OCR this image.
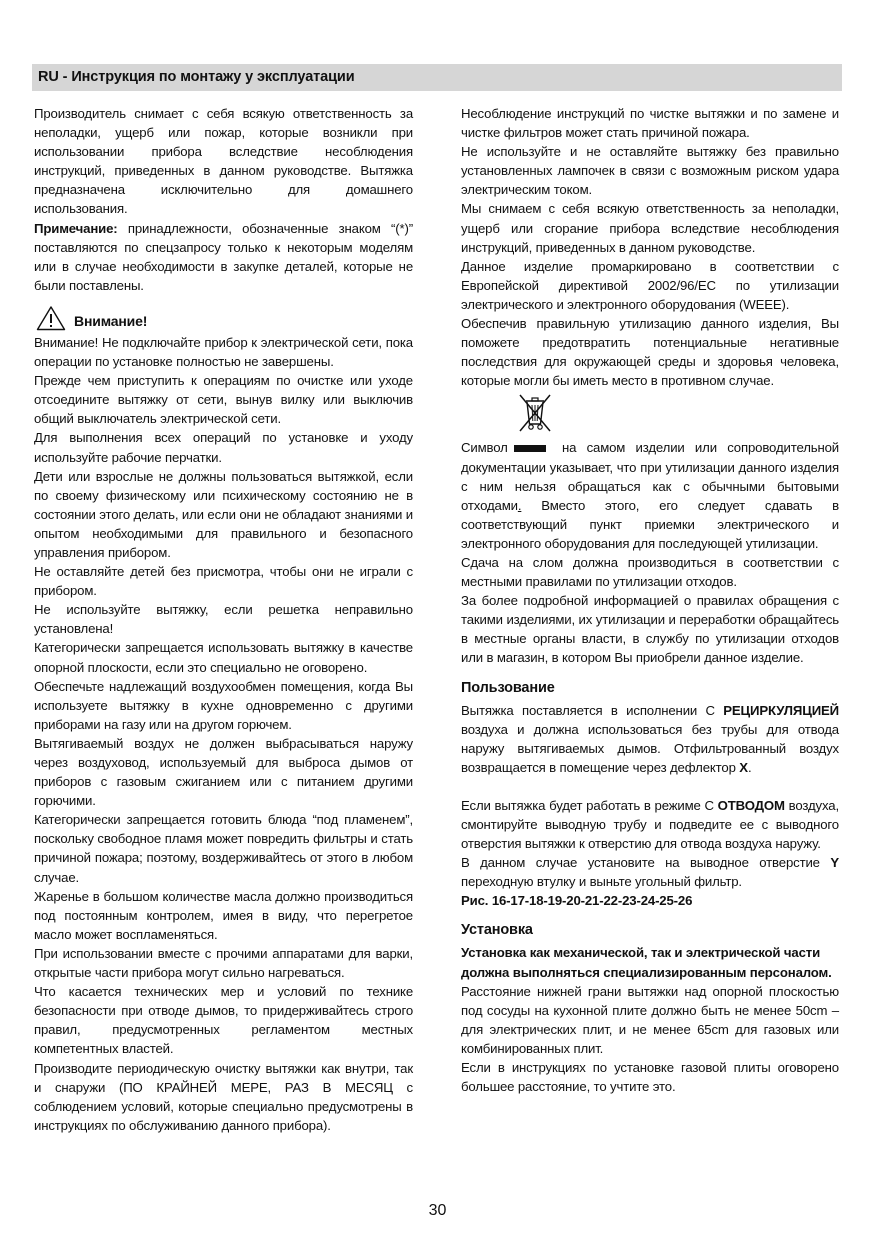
RU - Инструкция по монтажу у эксплуатации

Производитель снимает с себя всякую ответственность за неполадки, ущерб или пожар, которые возникли при использовании прибора вследствие несоблюдения инструкций, приведенных в данном руководстве. Вытяжка предназначена исключительно для домашнего использования.

Примечание: принадлежности, обозначенные знаком “(*)” поставляются по спецзапросу только к некоторым моделям или в случае необходимости в закупке деталей, которые не были поставлены.

Внимание!

Внимание! Не подключайте прибор к электрической сети, пока операции по установке полностью не завершены.

Прежде чем приступить к операциям по очистке или уходе отсоедините вытяжку от сети, вынув вилку или выключив общий выключатель электрической сети.

Для выполнения всех операций по установке и уходу используйте рабочие перчатки.

Дети или взрослые не должны пользоваться вытяжкой, если по своему физическому или психическому состоянию не в состоянии этого делать, или если они не обладают знаниями и опытом необходимыми для правильного и безопасного управления прибором.

Не оставляйте детей без присмотра, чтобы они не играли с прибором.

Не используйте вытяжку, если решетка неправильно установлена!

Категорически запрещается использовать вытяжку в качестве опорной плоскости, если это специально не оговорено.

Обеспечьте надлежащий воздухообмен помещения, когда Вы используете вытяжку в кухне одновременно с другими приборами на газу или на другом горючем.

Вытягиваемый воздух не должен выбрасываться наружу через воздуховод, используемый для выброса дымов от приборов с газовым сжиганием или с питанием другими горючими.

Категорически запрещается готовить блюда “под пламенем”, поскольку свободное пламя может повредить фильтры и стать причиной пожара; поэтому, воздерживайтесь от этого в любом случае.

Жаренье в большом количестве масла должно производиться под постоянным контролем, имея в виду, что перегретое масло может воспламеняться.

При использовании вместе с прочими аппаратами для варки, открытые части прибора могут сильно нагреваться.

Что касается технических мер и условий по технике безопасности при отводе дымов, то придерживайтесь строго правил, предусмотренных регламентом местных компетентных властей.

Производите периодическую очистку вытяжки как внутри, так и снаружи (ПО КРАЙНЕЙ МЕРЕ, РАЗ В МЕСЯЦ с соблюдением условий, которые специально предусмотрены в инструкциях по обслуживанию данного прибора).

Несоблюдение инструкций по чистке вытяжки и по замене и чистке фильтров может стать причиной пожара.

Не используйте и не оставляйте вытяжку без правильно установленных лампочек в связи с возможным риском удара электрическим током.

Мы снимаем с себя всякую ответственность за неполадки, ущерб или сгорание прибора вследствие несоблюдения инструкций, приведенных в данном руководстве.

Данное изделие промаркировано в соответствии с Европейской директивой 2002/96/EC по утилизации электрического и электронного оборудования (WEEE).

Обеспечив правильную утилизацию данного изделия, Вы поможете предотвратить потенциальные негативные последствия для окружающей среды и здоровья человека, которые могли бы иметь место в противном случае.

Символ	на самом изделии или сопроводительной документации указывает, что при утилизации данного изделия с ним нельзя обращаться как с обычными бытовыми отходами. Вместо этого, его следует сдавать в соответствующий пункт приемки электрического и электронного оборудования для последующей утилизации.

Сдача на слом должна производиться в соответствии с местными правилами по утилизации отходов.

За более подробной информацией о правилах обращения с такими изделиями, их утилизации и переработки обращайтесь в местные органы власти, в службу по утилизации отходов или в магазин, в котором Вы приобрели данное изделие.

Пользование

Вытяжка поставляется в исполнении С РЕЦИРКУЛЯЦИЕЙ воздуха и должна использоваться без трубы для отвода наружу вытягиваемых дымов. Отфильтрованный воздух возвращается в помещение через дефлектор X.

Если вытяжка будет работать в режиме С ОТВОДОМ воздуха, смонтируйте выводную трубу и подведите ее с выводного отверстия вытяжки к отверстию для отвода воздуха наружу.

В данном случае установите на выводное отверстие Y переходную втулку и выньте угольный фильтр.

Рис. 16-17-18-19-20-21-22-23-24-25-26

Установка

Установка как механической, так и электрической части должна выполняться специализированным персоналом.

Расстояние нижней грани вытяжки над опорной плоскостью под сосуды на кухонной плите должно быть не менее 50cm – для электрических плит, и не менее 65cm для газовых или комбинированных плит.

Если в инструкциях по установке газовой плиты оговорено большее расстояние, то учтите это.

30
